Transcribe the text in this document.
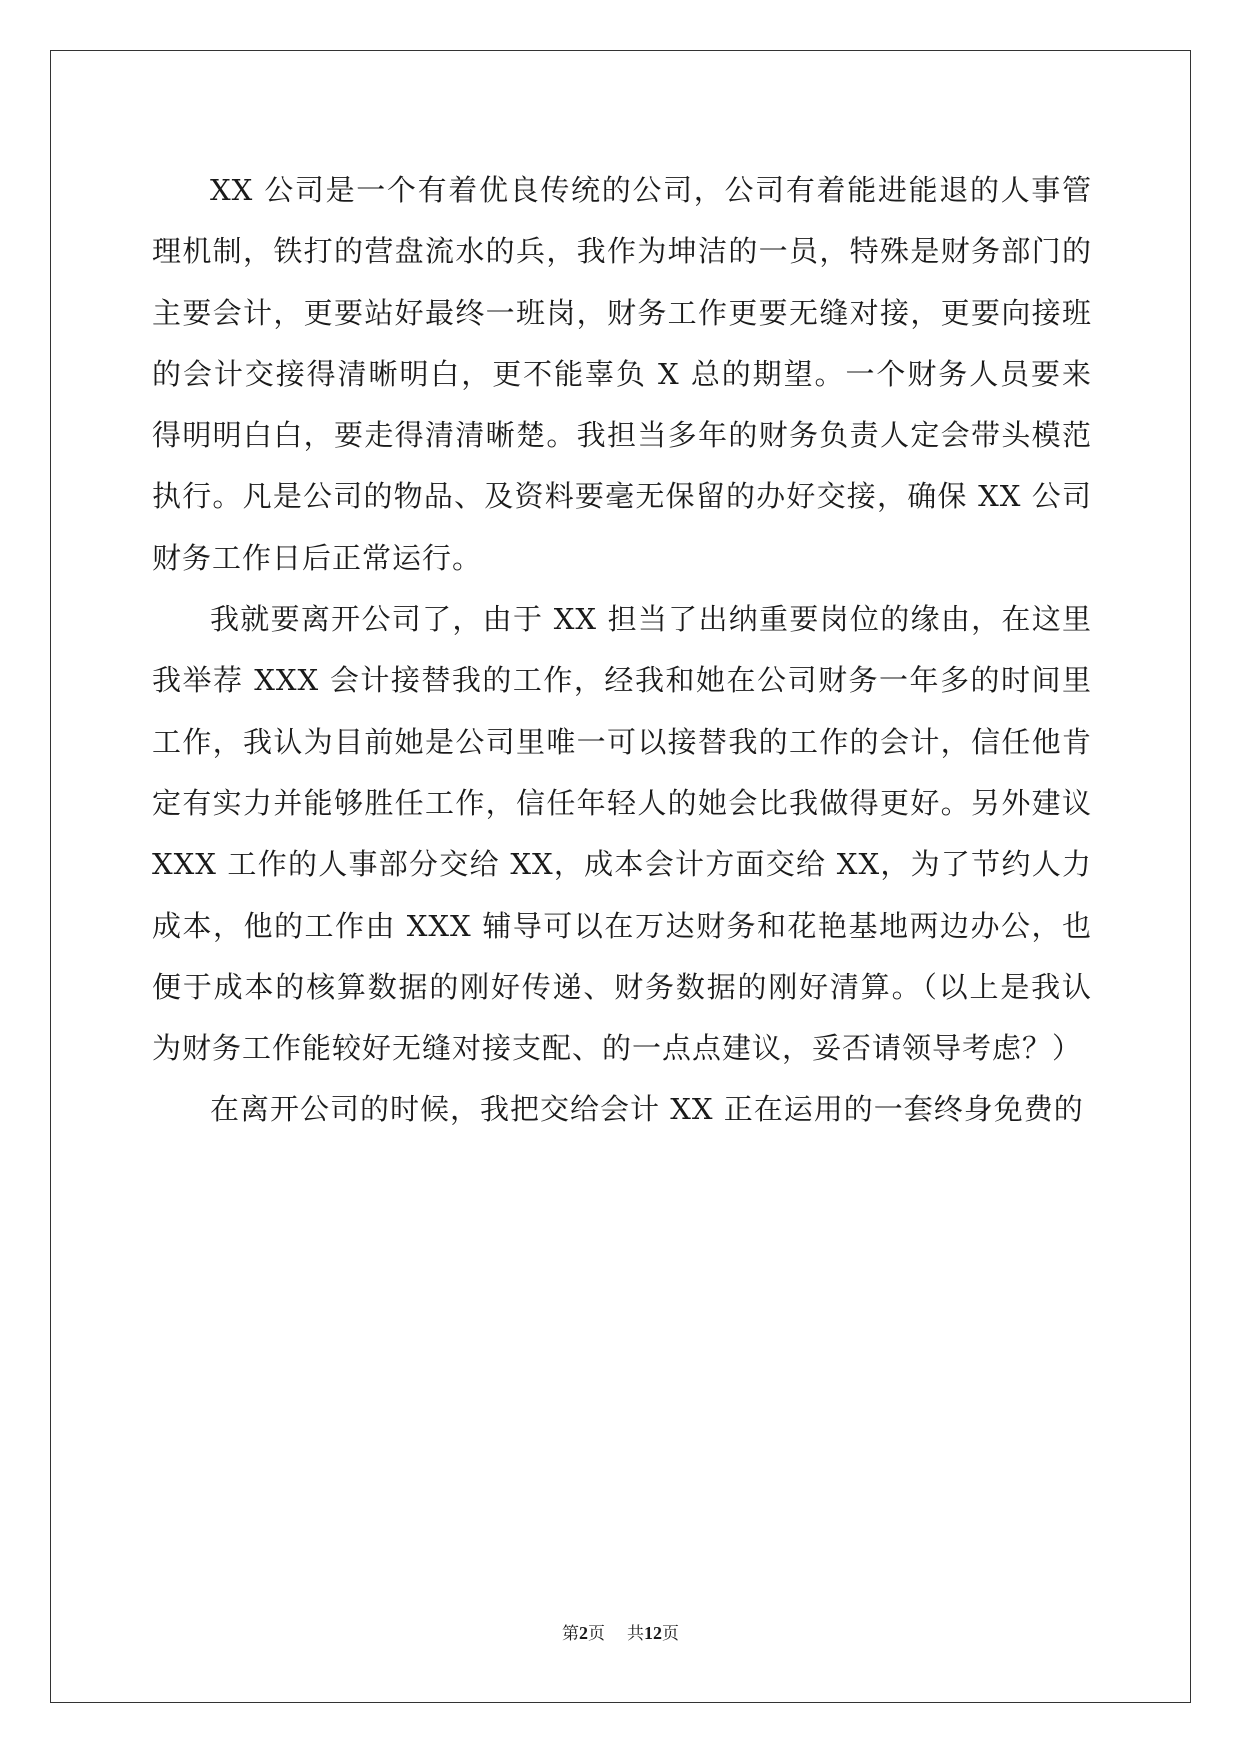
XX 公司是一个有着优良传统的公司，公司有着能进能退的人事管理机制，铁打的营盘流水的兵，我作为坤洁的一员，特殊是财务部门的主要会计，更要站好最终一班岗，财务工作更要无缝对接，更要向接班的会计交接得清晰明白，更不能辜负 X 总的期望。一个财务人员要来得明明白白，要走得清清晰楚。我担当多年的财务负责人定会带头模范执行。凡是公司的物品、及资料要毫无保留的办好交接，确保 XX 公司财务工作日后正常运行。

我就要离开公司了，由于 XX 担当了出纳重要岗位的缘由，在这里我举荐 XXX 会计接替我的工作，经我和她在公司财务一年多的时间里工作，我认为目前她是公司里唯一可以接替我的工作的会计，信任他肯定有实力并能够胜任工作，信任年轻人的她会比我做得更好。另外建议 XXX 工作的人事部分交给 XX，成本会计方面交给 XX，为了节约人力成本，他的工作由 XXX 辅导可以在万达财务和花艳基地两边办公，也便于成本的核算数据的刚好传递、财务数据的刚好清算。（以上是我认为财务工作能较好无缝对接支配、的一点点建议，妥否请领导考虑？）

在离开公司的时候，我把交给会计 XX 正在运用的一套终身免费的

第2页 共12页
